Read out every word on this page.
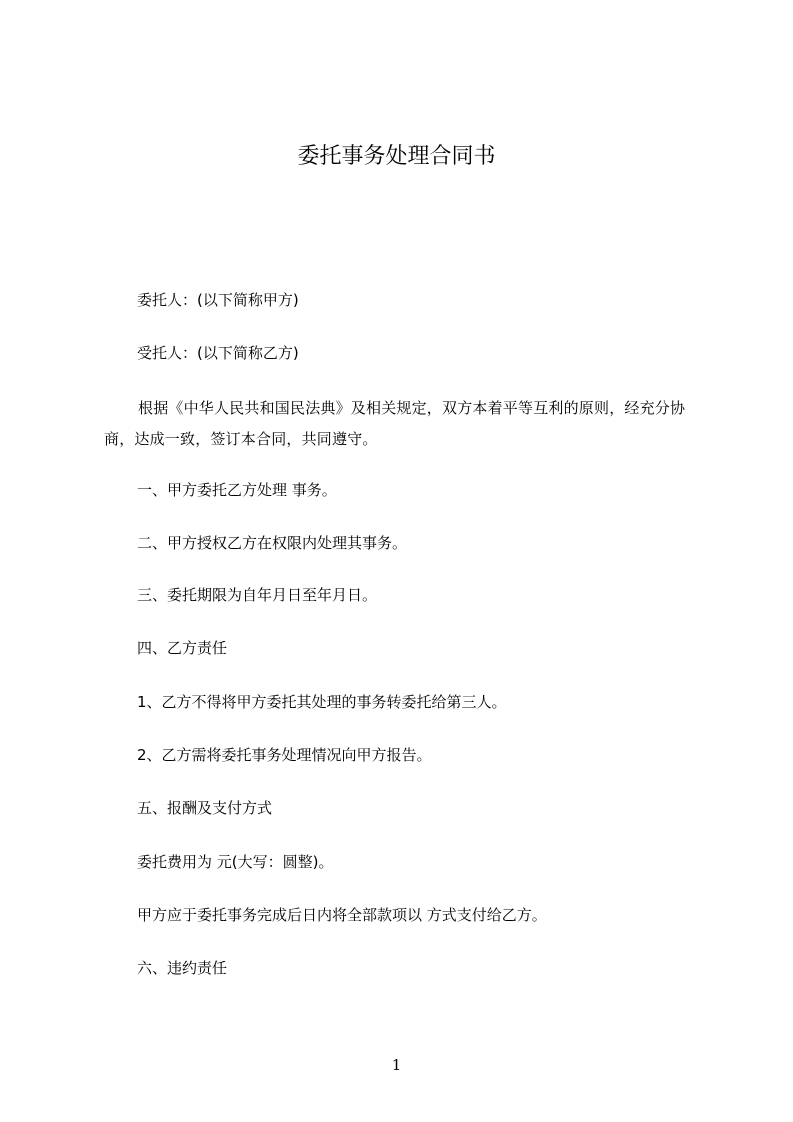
委托事务处理合同书
委托人：(以下简称甲方)
受托人：(以下简称乙方)
根据《中华人民共和国民法典》及相关规定，双方本着平等互利的原则，经充分协商，达成一致，签订本合同，共同遵守。
一、甲方委托乙方处理 事务。
二、甲方授权乙方在权限内处理其事务。
三、委托期限为自年月日至年月日。
四、乙方责任
1、乙方不得将甲方委托其处理的事务转委托给第三人。
2、乙方需将委托事务处理情况向甲方报告。
五、报酬及支付方式
委托费用为 元(大写：圆整)。
甲方应于委托事务完成后日内将全部款项以 方式支付给乙方。
六、违约责任
1
